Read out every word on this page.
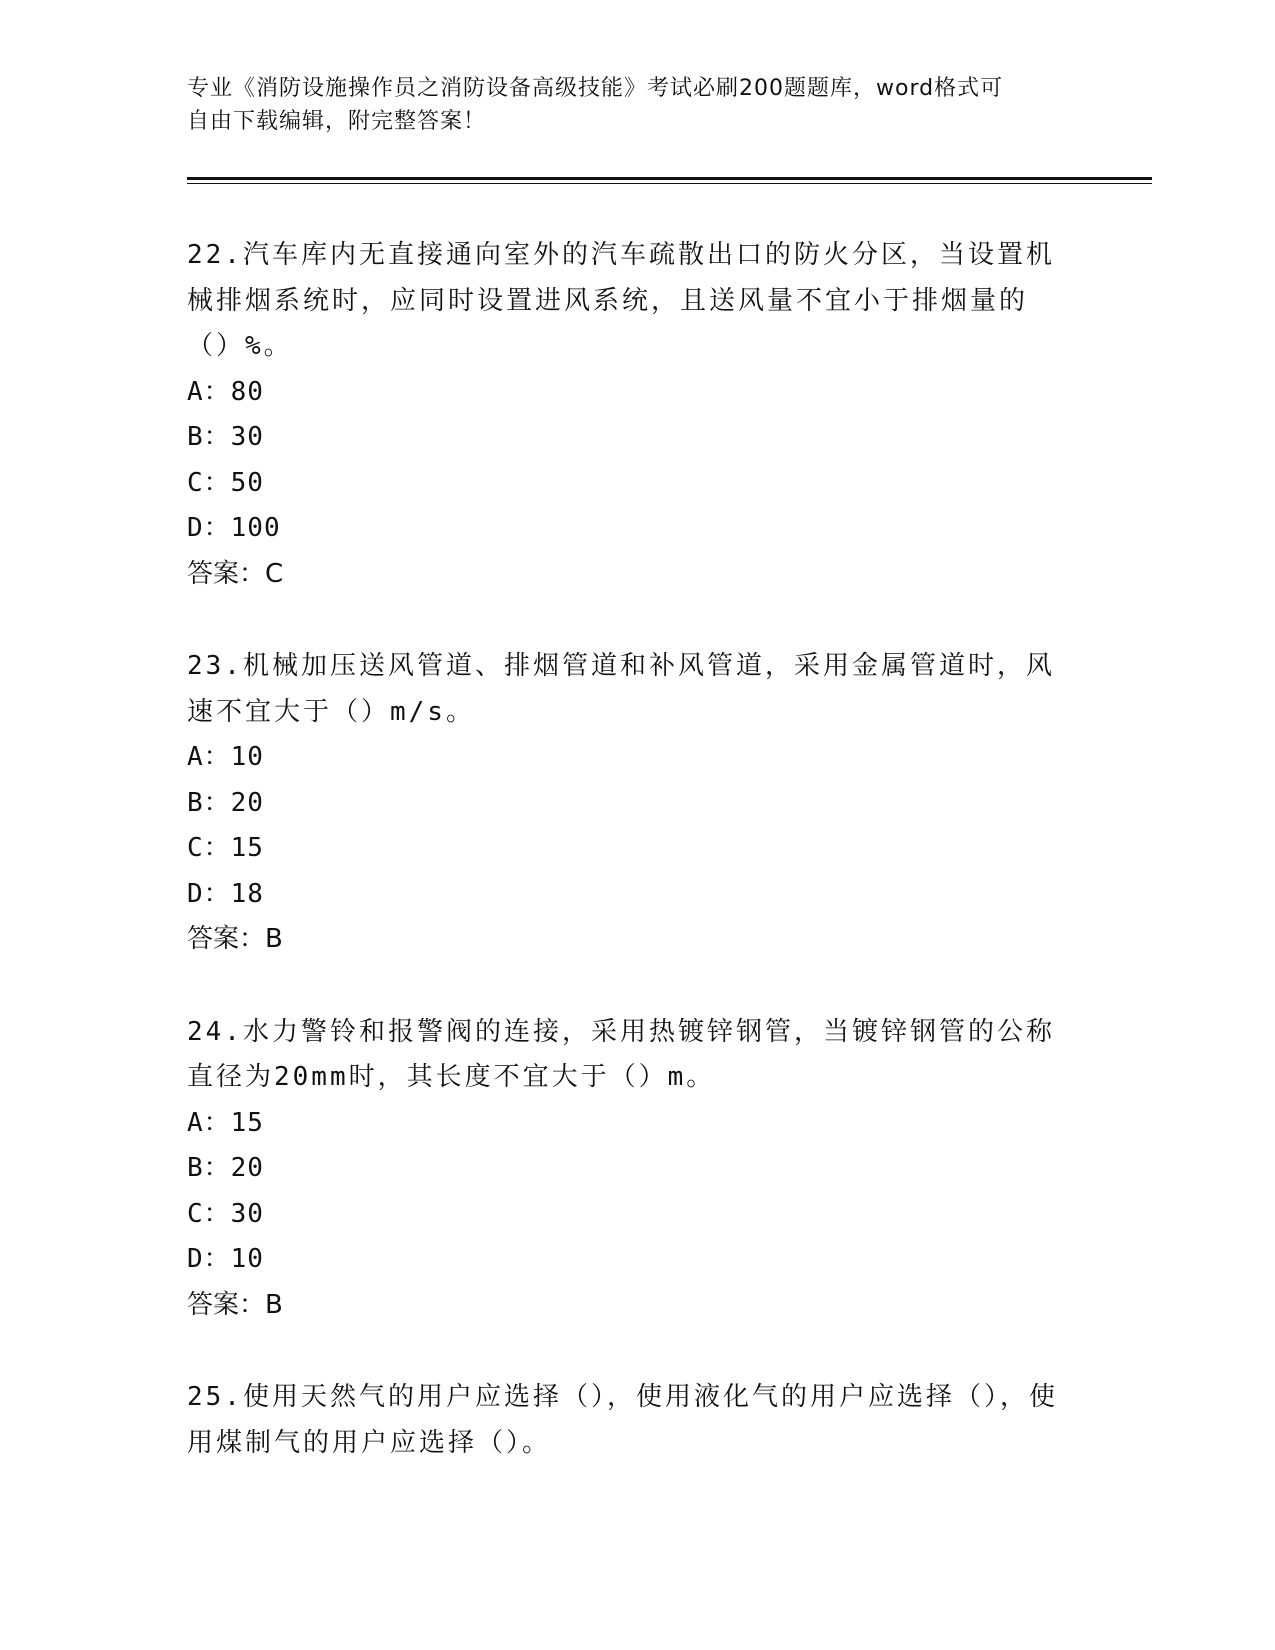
专业《消防设施操作员之消防设备高级技能》考试必刷200题题库，word格式可
自由下载编辑，附完整答案！

22.汽车库内无直接通向室外的汽车疏散出口的防火分区，当设置机械排烟系统时，应同时设置进风系统，且送风量不宜小于排烟量的（）%。

A：80

B：30

C：50

D：100

答案：C

23.机械加压送风管道、排烟管道和补风管道，采用金属管道时，风速不宜大于（）m/s。

A：10

B：20

C：15

D：18

答案：B

24.水力警铃和报警阀的连接，采用热镀锌钢管，当镀锌钢管的公称直径为20mm时，其长度不宜大于（）m。

A：15

B：20

C：30

D：10

答案：B

25.使用天然气的用户应选择（），使用液化气的用户应选择（），使用煤制气的用户应选择（）。
